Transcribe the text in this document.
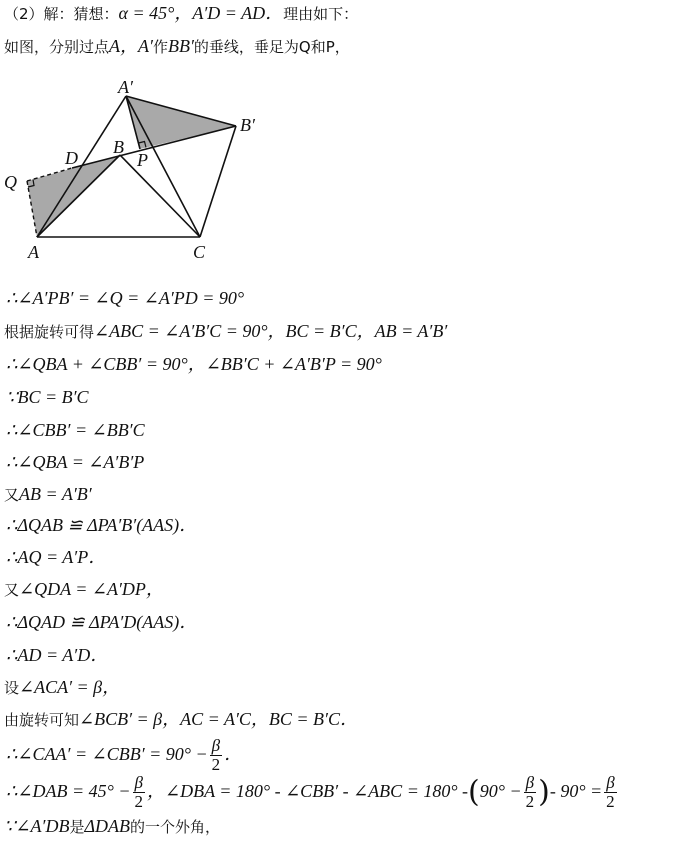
（2）解：猜想：α = 45°，A′D = AD．理由如下：
如图，分别过点A，A′作BB′的垂线，垂足为Q和P，
A′
B′
B
D	P
Q
A	C
∴∠A′PB′ = ∠Q = ∠A′PD = 90°
根据旋转可得∠ABC = ∠A′B′C = 90°，BC = B′C，AB = A′B′
∴∠QBA + ∠CBB′ = 90°，∠BB′C + ∠A′B′P = 90°
∵BC = B′C
∴∠CBB′ = ∠BB′C
∴∠QBA = ∠A′B′P
又AB = A′B′
∴ΔQAB ≌ ΔPA′B′(AAS)．
∴AQ = A′P．
又∠QDA = ∠A′DP，
∴ΔQAD ≌ ΔPA′D(AAS)．
∴AD = A′D．
设∠ACA′ = β，
由旋转可知∠BCB′ = β，AC = A′C，BC = B′C．
∴∠CAA′ = ∠CBB′ = $90^\circ - \frac{\beta}{2}$ ．
∴∠DAB = $45^\circ - \frac{\beta}{2}$ ，∠DBA = 180° - ∠CBB′ - ∠ABC = 180° $-(90^\circ - \frac{\beta}{2}$ )- $90^\circ = \frac{\beta}{2}$
∵∠A′DB是ΔDAB的一个外角，
